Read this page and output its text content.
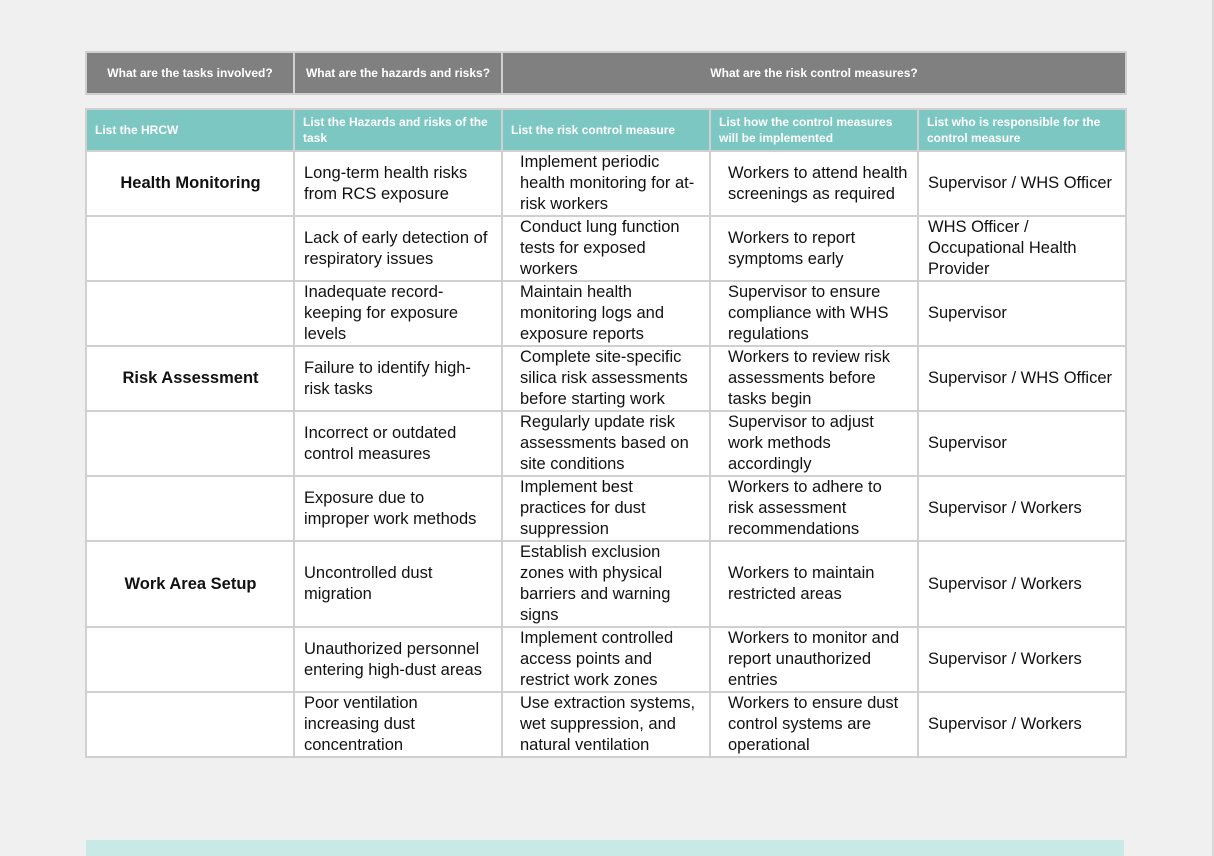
What are the tasks involved?	What are the hazards and risks?	What are the risk control measures?
List the HRCW	List the Hazards and risks of the task	List the risk control measure	List how the control measures will be implemented	List who is responsible for the control measure
Health Monitoring	Long-term health risks from RCS exposure	Implement periodic health monitoring for at-risk workers	Workers to attend health screenings as required	Supervisor / WHS Officer
	Lack of early detection of respiratory issues	Conduct lung function tests for exposed workers	Workers to report symptoms early	WHS Officer / Occupational Health Provider
	Inadequate record-keeping for exposure levels	Maintain health monitoring logs and exposure reports	Supervisor to ensure compliance with WHS regulations	Supervisor
Risk Assessment	Failure to identify high-risk tasks	Complete site-specific silica risk assessments before starting work	Workers to review risk assessments before tasks begin	Supervisor / WHS Officer
	Incorrect or outdated control measures	Regularly update risk assessments based on site conditions	Supervisor to adjust work methods accordingly	Supervisor
	Exposure due to improper work methods	Implement best practices for dust suppression	Workers to adhere to risk assessment recommendations	Supervisor / Workers
Work Area Setup	Uncontrolled dust migration	Establish exclusion zones with physical barriers and warning signs	Workers to maintain restricted areas	Supervisor / Workers
	Unauthorized personnel entering high-dust areas	Implement controlled access points and restrict work zones	Workers to monitor and report unauthorized entries	Supervisor / Workers
	Poor ventilation increasing dust concentration	Use extraction systems, wet suppression, and natural ventilation	Workers to ensure dust control systems are operational	Supervisor / Workers
